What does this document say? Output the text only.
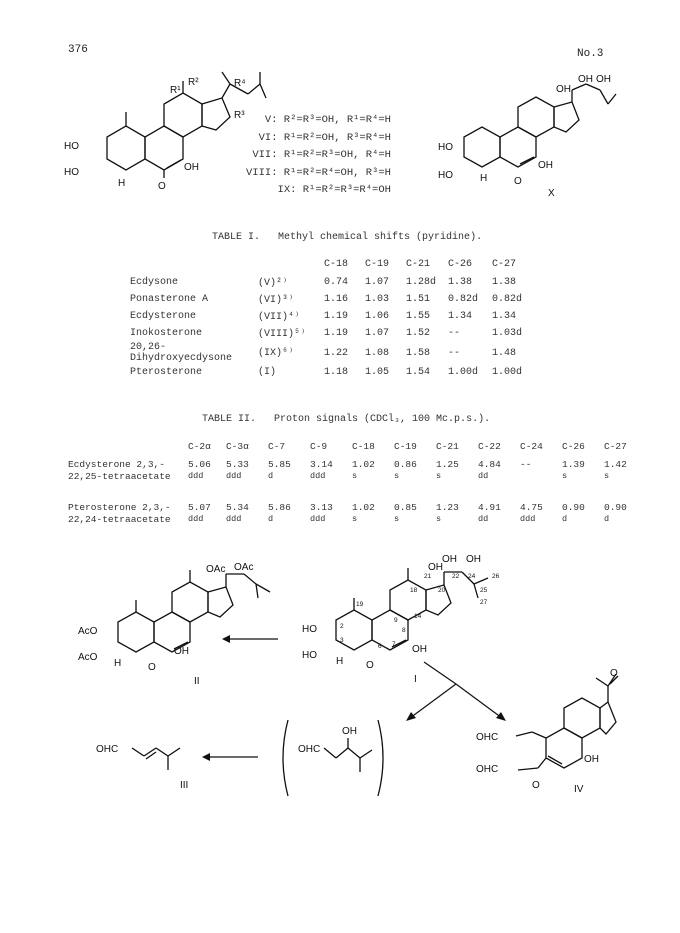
376	No.3
V: R²=R³=OH, R¹=R⁴=H
VI: R¹=R²=OH, R³=R⁴=H
VII: R¹=R²=R³=OH, R⁴=H
VIII: R¹=R²=R⁴=OH, R³=H
IX: R¹=R²=R³=R⁴=OH
HO
HO
H	O
OH
R¹
R²	R⁴
R³
HO
HO	H	O
OH
OH
OH OH
X
TABLE I. Methyl chemical shifts (pyridine).
		C-18	C-19	C-21	C-26	C-27
Ecdysone	(V)²⁾	0.74	1.07	1.28d	1.38	1.38
Ponasterone A	(VI)³⁾	1.16	1.03	1.51	0.82d	0.82d
Ecdysterone	(VII)⁴⁾	1.19	1.06	1.55	1.34	1.34
Inokosterone	(VIII)⁵⁾	1.19	1.07	1.52	--	1.03d
20,26-Dihydroxyecdysone	(IX)⁶⁾	1.22	1.08	1.58	--	1.48
Pterosterone	(I)	1.18	1.05	1.54	1.00d	1.00d
TABLE II. Proton signals (CDCl₃, 100 Mc.p.s.).
	C-2α	C-3α	C-7	C-9	C-18	C-19	C-21	C-22	C-24	C-26	C-27
Ecdysterone 2,3,-	5.06	5.33	5.85	3.14	1.02	0.86	1.25	4.84	--	1.39	1.42
22,25-tetraacetate	ddd	ddd	d	ddd	s	s	s	dd		s	s

Pterosterone 2,3,-	5.07	5.34	5.86	3.13	1.02	0.85	1.23	4.91	4.75	0.90	0.90
22,24-tetraacetate	ddd	ddd	d	ddd	s	s	s	dd	ddd	d	d
OAc OAc
AcO
AcO
H	O
OH
II
OH
OH OH
HO
HO
H O
OH
I
21	22 24	26
25
27
18	20
19
2
3
9
14
8
7
6
OHC
III
OH
OHC
O
OHC
OHC
O
OH
IV
